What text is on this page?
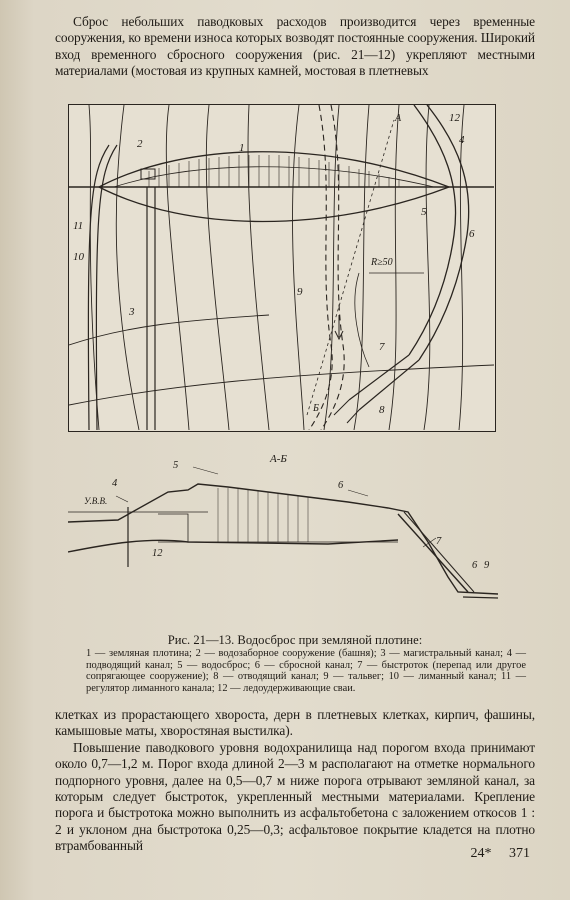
Сброс небольших паводковых расходов производится через временные сооружения, ко времени износа которых возводят постоянные сооружения. Широкий вход временного сбросного сооружения (рис. 21—12) укрепляют местными материалами (мостовая из крупных камней, мостовая в плетневых

1
2
3
4
5
6
7
8
9
10
11
12
R≥50
А
Б
А-Б
4
5
6
7
12
6 9
У.В.В.
Рис. 21—13. Водосброс при земляной плотине:
1 — земляная плотина; 2 — водозаборное сооружение (башня); 3 — магистральный канал; 4 — подводящий канал; 5 — водосброс; 6 — сбросной канал; 7 — быстроток (перепад или другое сопрягающее сооружение); 8 — отводящий канал; 9 — тальвег; 10 — лиманный канал; 11 — регулятор лиманного канала; 12 — ледоудерживающие сваи.

клетках из прорастающего хворостa, дерн в плетневых клетках, кирпич, фашины, камышовые маты, хворостяная выстилка).

Повышение паводкового уровня водохранилища над порогом входа принимают около 0,7—1,2 м. Порог входа длиной 2—3 м располагают на отметке нормального подпорного уровня, далее на 0,5—0,7 м ниже порога отрывают земляной канал, за которым следует быстроток, укрепленный местными материалами. Крепление порога и быстротока можно выполнить из асфальтобетона с заложением откосов 1 : 2 и уклоном дна быстротока 0,25—0,3; асфальтовое покрытие кладется на плотно втрамбованный

24* 371
